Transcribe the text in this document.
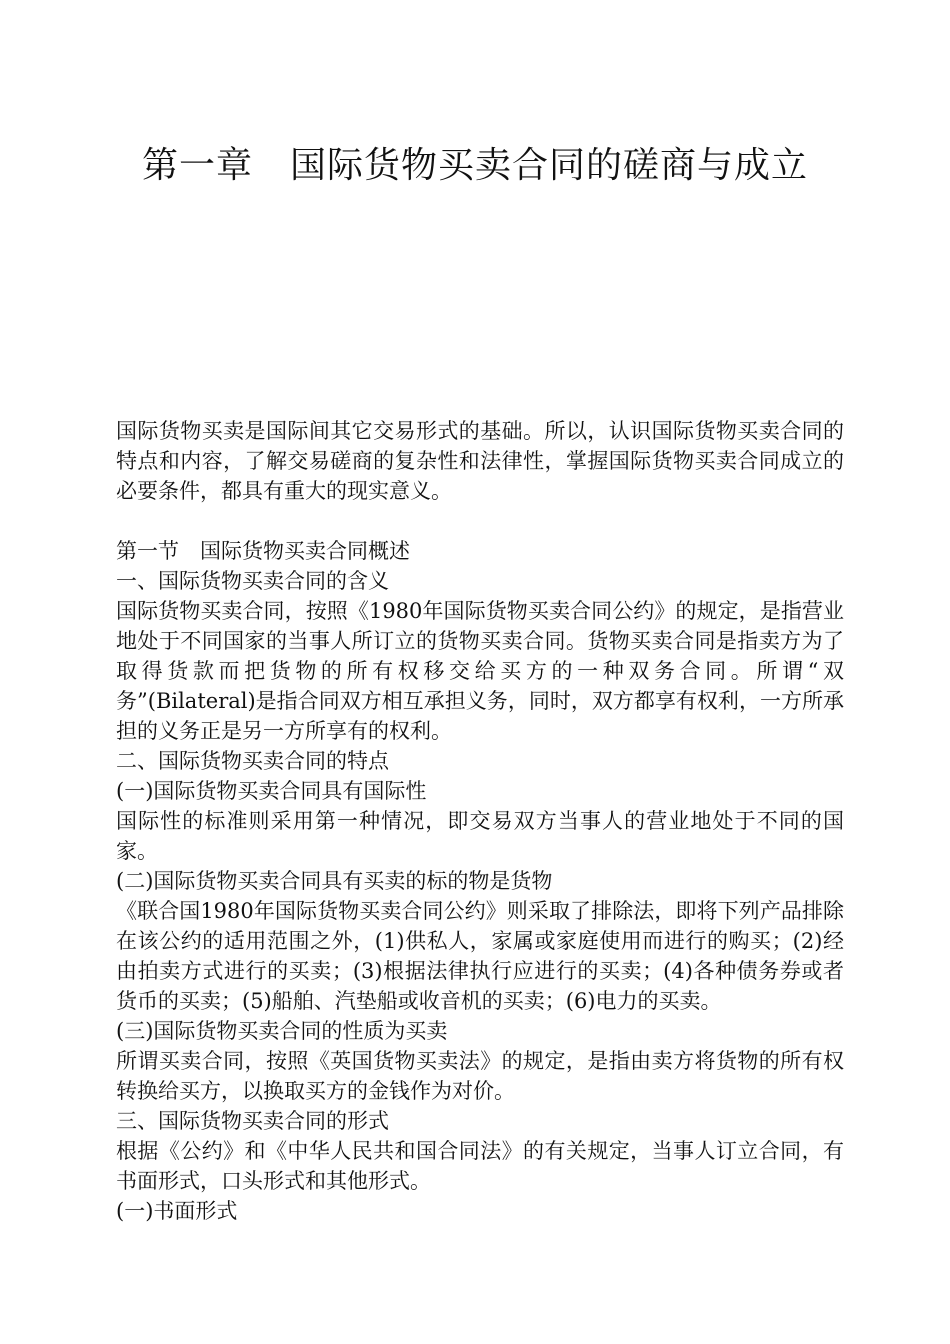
第一章　国际货物买卖合同的磋商与成立

国际货物买卖是国际间其它交易形式的基础。所以，认识国际货物买卖合同的特点和内容，了解交易磋商的复杂性和法律性，掌握国际货物买卖合同成立的必要条件，都具有重大的现实意义。

第一节　国际货物买卖合同概述

一、国际货物买卖合同的含义

国际货物买卖合同，按照《1980年国际货物买卖合同公约》的规定，是指营业地处于不同国家的当事人所订立的货物买卖合同。货物买卖合同是指卖方为了取得货款而把货物的所有权移交给买方的一种双务合同。所谓“双务”(Bilateral)是指合同双方相互承担义务，同时，双方都享有权利，一方所承担的义务正是另一方所享有的权利。

二、国际货物买卖合同的特点

(一)国际货物买卖合同具有国际性

国际性的标准则采用第一种情况，即交易双方当事人的营业地处于不同的国家。

(二)国际货物买卖合同具有买卖的标的物是货物

《联合国1980年国际货物买卖合同公约》则采取了排除法，即将下列产品排除在该公约的适用范围之外，(1)供私人，家属或家庭使用而进行的购买；(2)经由拍卖方式进行的买卖；(3)根据法律执行应进行的买卖；(4)各种债务券或者货币的买卖；(5)船舶、汽垫船或收音机的买卖；(6)电力的买卖。

(三)国际货物买卖合同的性质为买卖

所谓买卖合同，按照《英国货物买卖法》的规定，是指由卖方将货物的所有权转换给买方，以换取买方的金钱作为对价。

三、国际货物买卖合同的形式

根据《公约》和《中华人民共和国合同法》的有关规定，当事人订立合同，有书面形式，口头形式和其他形式。

(一)书面形式
